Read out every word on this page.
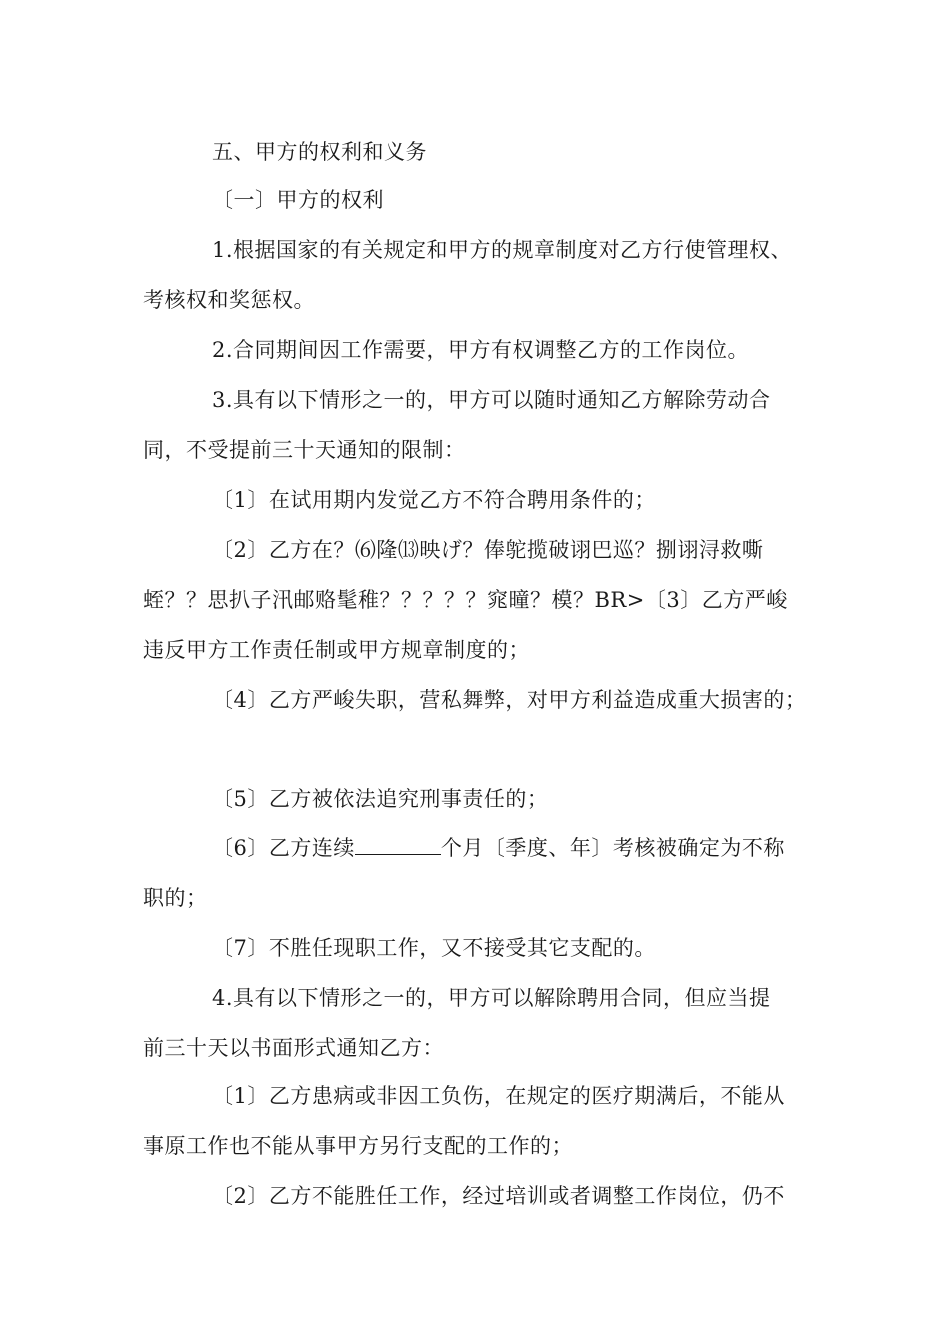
五、甲方的权利和义务
〔一〕甲方的权利
1.根据国家的有关规定和甲方的规章制度对乙方行使管理权、
考核权和奖惩权。
2.合同期间因工作需要，甲方有权调整乙方的工作岗位。
3.具有以下情形之一的，甲方可以随时通知乙方解除劳动合
同，不受提前三十天通知的限制：
〔1〕在试用期内发觉乙方不符合聘用条件的；
〔2〕乙方在？⑹隆⒀映げ？俸鸵揽破诩巴巡？捌诩浔救嘶
蛭？？思扒子汛邮赂髦稚？？？？？窕曈？模？BR>〔3〕乙方严峻
违反甲方工作责任制或甲方规章制度的；
〔4〕乙方严峻失职，营私舞弊，对甲方利益造成重大损害的；
〔5〕乙方被依法追究刑事责任的；
〔6〕乙方连续	个月〔季度、年〕考核被确定为不称
职的；
〔7〕不胜任现职工作，又不接受其它支配的。
4.具有以下情形之一的，甲方可以解除聘用合同，但应当提
前三十天以书面形式通知乙方：
〔1〕乙方患病或非因工负伤，在规定的医疗期满后，不能从
事原工作也不能从事甲方另行支配的工作的；
〔2〕乙方不能胜任工作，经过培训或者调整工作岗位，仍不
